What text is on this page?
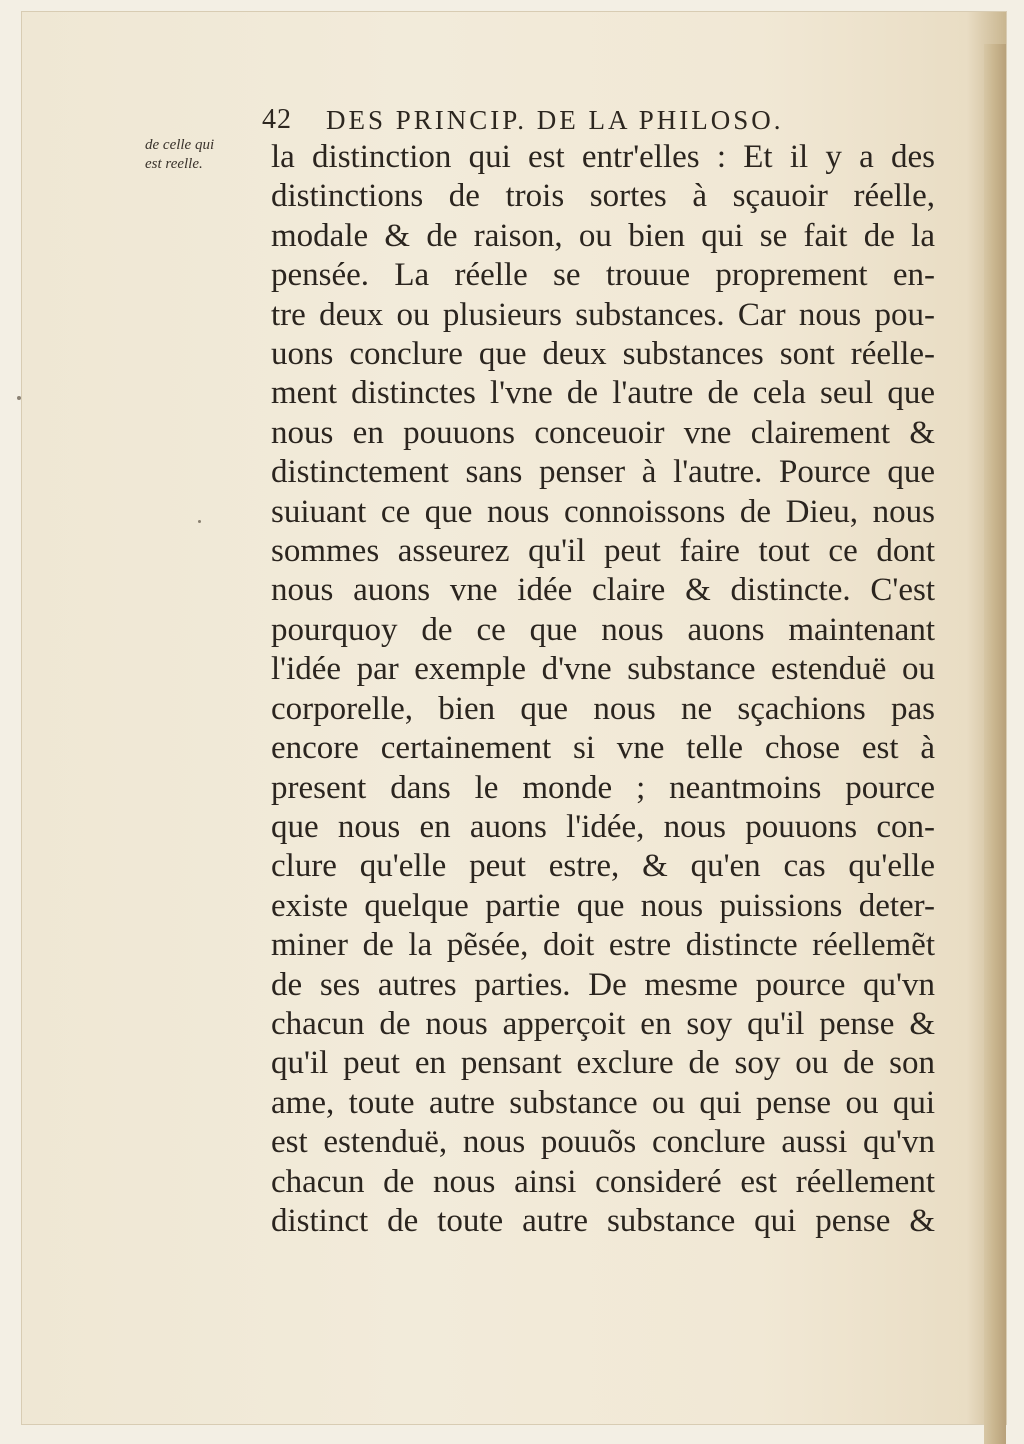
42 DES PRINCIP. DE LA PHILOSO.
de celle qui
est reelle.	la distinction qui est entr'elles : Et il y a des
distinctions de trois sortes à sçauoir réelle,
modale & de raison, ou bien qui se fait de la
pensée. La réelle se trouue proprement en-
tre deux ou plusieurs substances. Car nous pou-
uons conclure que deux substances sont réelle-
ment distinctes l'vne de l'autre de cela seul que
nous en pouuons conceuoir vne clairement &
distinctement sans penser à l'autre. Pource que
suiuant ce que nous connoissons de Dieu, nous
sommes asseurez qu'il peut faire tout ce dont
nous auons vne idée claire & distincte. C'est
pourquoy de ce que nous auons maintenant
l'idée par exemple d'vne substance estenduë ou
corporelle, bien que nous ne sçachions pas
encore certainement si vne telle chose est à
present dans le monde ; neantmoins pource
que nous en auons l'idée, nous pouuons con-
clure qu'elle peut estre, & qu'en cas qu'elle
existe quelque partie que nous puissions deter-
miner de la pẽsée, doit estre distincte réellemẽt
de ses autres parties. De mesme pource qu'vn
chacun de nous apperçoit en soy qu'il pense &
qu'il peut en pensant exclure de soy ou de son
ame, toute autre substance ou qui pense ou qui
est estenduë, nous pouuõs conclure aussi qu'vn
chacun de nous ainsi consideré est réellement
distinct de toute autre substance qui pense &
